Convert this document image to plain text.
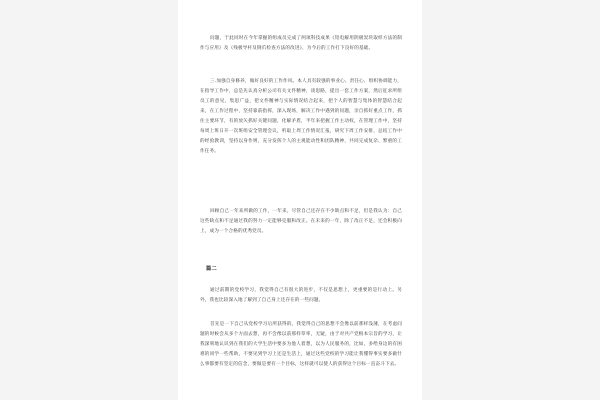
问题，于此同时在今年掌握的组成员完成了两项科技成果《铝电解用阴极炭块取样方法的制作与应用》及《残极导杆及钢爪检查方法的改进》，为今后的工作打下良好的基础。

三.加强自身修养，做好良好的工作作风。本人具有较强的事业心、责任心、组织协调能力，在指导工作中，总是先认真分析公司有关文件精神，谈思路，提出一套工作方案，然后征求所组员工的意见，集思广益，把文件精神与实际情况结合起来，把个人的智慧与集体的智慧结合起来，在工作过程中，坚持靠前指挥，深入现场，解决工作中遇到的问题，亲自抓好重点工作，抓住主要环节，有的放矢抓好关键问题，化解矛盾，半年来把握工作主动权，在管理工作中，坚持每周上班日开一次班组安全管理会议，听取上周工作情况汇报，研究下周工作安排，总结工作中的经验教训，坚持以身作则，充分发挥个人的主观能动性和团队精神，共同完成复杂、繁重的工作任务。

回顾自己一年来所做的工作，一年来，尽管自己还存在不少缺点和不足，但是我认为：自己这些缺点和不足通过我的努力一定能够克服和改正。在未来的一年，除了改正不足，还会积极向上，成为一个合格的优秀党员。

篇二

通过前期的党校学习，我觉得自己有很大的进步，不仅是思想上，更重要的是行动上。另外，我也比较深入地了解到了自己身上还存在的一些问题。

首先是一下自己从党校学习后所获得的。我觉得自己的思想不会像以前那样浅薄，在考虑问题的时候会从多个方面去想，再不会像以前那样草率，无疑，由于对共产党根本宗旨的学习，让我深刻地认识到在我们的大学生活中要多为他人着想，以为人民服务的，比如，多给身边的有困难的同学一些帮助，不要见到学习上还是生活上，通过这些党校的学习能让我懂得事实要多做什么事都要有坚定的信念，要做是要有一个目标，这样就可以使人的获得这个目标一直奋斗下去。
